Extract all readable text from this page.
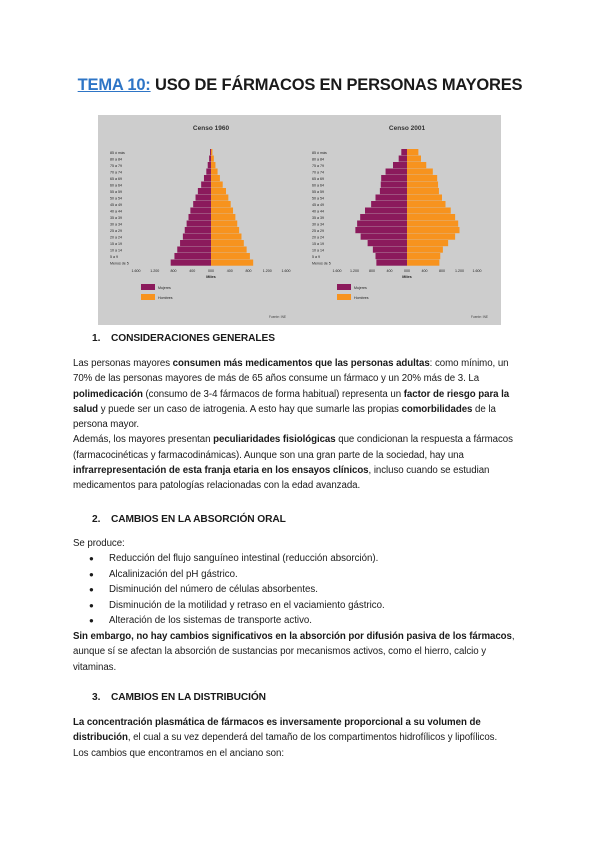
TEMA 10: USO DE FÁRMACOS EN PERSONAS MAYORES
Censo 1960
85 ó más
80 a 84
75 a 79
70 a 74
65 a 69
60 a 64
55 a 59
50 a 54
45 a 49
40 a 44
35 a 39
30 a 34
25 a 29
20 a 24
15 a 19
10 a 14
5 a 9
Menos de 5
1.600	1.200	800	400	000	400	800	1.200	1.600
Miles
Mujeres
Hombres
Fuente: INE
Censo 2001
85 ó más
80 a 84
75 a 79
70 a 74
65 a 69
60 a 64
55 a 59
50 a 54
45 a 49
40 a 44
35 a 39
30 a 34
25 a 29
20 a 24
15 a 19
10 a 14
5 a 9
Menos de 5
1.600 1.200	800	400	000	400	800	1.200 1.600
Miles
Mujeres
Hombres
Fuente: INE
1. CONSIDERACIONES GENERALES
Las personas mayores consumen más medicamentos que las personas adultas: como mínimo, un
70% de las personas mayores de más de 65 años consume un fármaco y un 20% más de 3. La
polimedicación (consumo de 3-4 fármacos de forma habitual) representa un factor de riesgo para la
salud y puede ser un caso de iatrogenia. A esto hay que sumarle las propias comorbilidades de la
persona mayor.
Además, los mayores presentan peculiaridades fisiológicas que condicionan la respuesta a fármacos
(farmacocinéticas y farmacodinámicas). Aunque son una gran parte de la sociedad, hay una
infrarrepresentación de esta franja etaria en los ensayos clínicos, incluso cuando se estudian
medicamentos para patologías relacionadas con la edad avanzada.
2. CAMBIOS EN LA ABSORCIÓN ORAL
Se produce:
● Reducción del flujo sanguíneo intestinal (reducción absorción).
● Alcalinización del pH gástrico.
● Disminución del número de células absorbentes.
● Disminución de la motilidad y retraso en el vaciamiento gástrico.
● Alteración de los sistemas de transporte activo.
Sin embargo, no hay cambios significativos en la absorción por difusión pasiva de los fármacos,
aunque sí se afectan la absorción de sustancias por mecanismos activos, como el hierro, calcio y
vitaminas.
3. CAMBIOS EN LA DISTRIBUCIÓN
La concentración plasmática de fármacos es inversamente proporcional a su volumen de
distribución, el cual a su vez dependerá del tamaño de los compartimentos hidrofílicos y lipofílicos.
Los cambios que encontramos en el anciano son:
